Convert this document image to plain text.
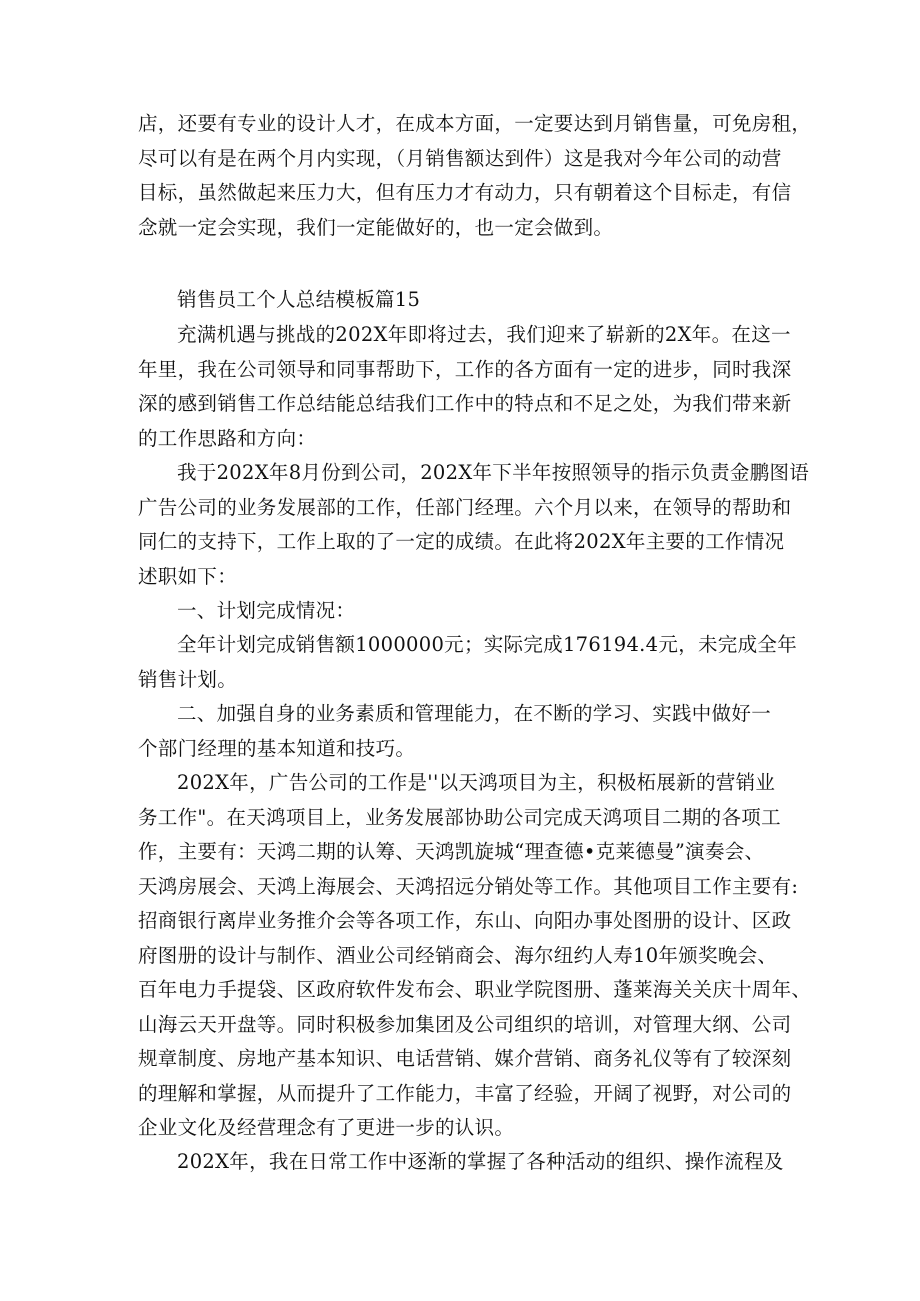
店，还要有专业的设计人才，在成本方面，一定要达到月销售量，可免房租，
尽可以有是在两个月内实现，（月销售额达到件）这是我对今年公司的动营
目标，虽然做起来压力大，但有压力才有动力，只有朝着这个目标走，有信
念就一定会实现，我们一定能做好的，也一定会做到。
销售员工个人总结模板篇15
充满机遇与挑战的202X年即将过去，我们迎来了崭新的2X年。在这一
年里，我在公司领导和同事帮助下，工作的各方面有一定的进步，同时我深
深的感到销售工作总结能总结我们工作中的特点和不足之处，为我们带来新
的工作思路和方向：
我于202X年8月份到公司，202X年下半年按照领导的指示负责金鹏图语
广告公司的业务发展部的工作，任部门经理。六个月以来，在领导的帮助和
同仁的支持下，工作上取的了一定的成绩。在此将202X年主要的工作情况
述职如下：
一、计划完成情况：
全年计划完成销售额1000000元；实际完成176194.4元，未完成全年
销售计划。
二、加强自身的业务素质和管理能力，在不断的学习、实践中做好一
个部门经理的基本知道和技巧。
202X年，广告公司的工作是''以天鸿项目为主，积极柘展新的营销业
务工作"。在天鸿项目上，业务发展部协助公司完成天鸿项目二期的各项工
作，主要有：天鸿二期的认筹、天鸿凯旋城“理查德•克莱德曼”演奏会、
天鸿房展会、天鸿上海展会、天鸿招远分销处等工作。其他项目工作主要有:
招商银行离岸业务推介会等各项工作，东山、向阳办事处图册的设计、区政
府图册的设计与制作、酒业公司经销商会、海尔纽约人寿10年颁奖晚会、
百年电力手提袋、区政府软件发布会、职业学院图册、蓬莱海关关庆十周年、
山海云天开盘等。同时积极参加集团及公司组织的培训，对管理大纲、公司
规章制度、房地产基本知识、电话营销、媒介营销、商务礼仪等有了较深刻
的理解和掌握，从而提升了工作能力，丰富了经验，开阔了视野，对公司的
企业文化及经营理念有了更进一步的认识。
202X年，我在日常工作中逐渐的掌握了各种活动的组织、操作流程及
